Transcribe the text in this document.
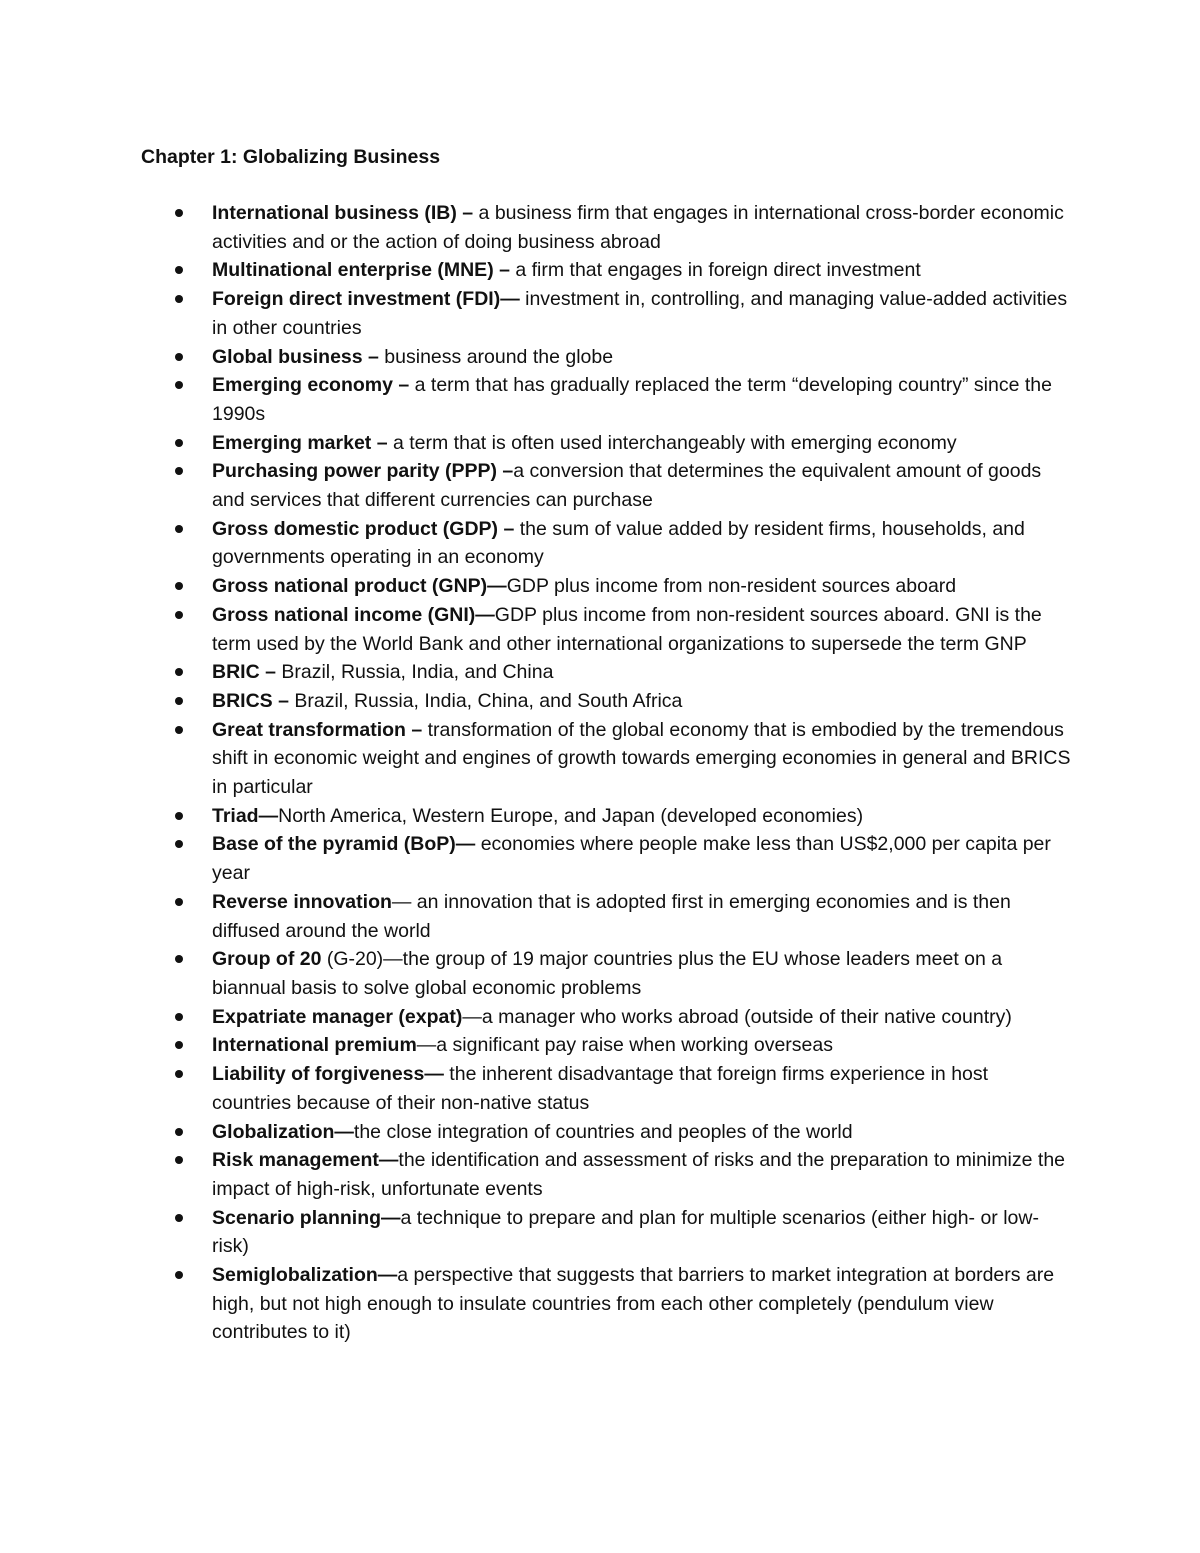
Chapter 1: Globalizing Business
International business (IB) – a business firm that engages in international cross-border economic activities and or the action of doing business abroad
Multinational enterprise (MNE) – a firm that engages in foreign direct investment
Foreign direct investment (FDI)— investment in, controlling, and managing value-added activities in other countries
Global business – business around the globe
Emerging economy – a term that has gradually replaced the term “developing country” since the 1990s
Emerging market – a term that is often used interchangeably with emerging economy
Purchasing power parity (PPP) –a conversion that determines the equivalent amount of goods and services that different currencies can purchase
Gross domestic product (GDP) – the sum of value added by resident firms, households, and governments operating in an economy
Gross national product (GNP)—GDP plus income from non-resident sources aboard
Gross national income (GNI)—GDP plus income from non-resident sources aboard. GNI is the term used by the World Bank and other international organizations to supersede the term GNP
BRIC – Brazil, Russia, India, and China
BRICS – Brazil, Russia, India, China, and South Africa
Great transformation – transformation of the global economy that is embodied by the tremendous shift in economic weight and engines of growth towards emerging economies in general and BRICS in particular
Triad—North America, Western Europe, and Japan (developed economies)
Base of the pyramid (BoP)— economies where people make less than US$2,000 per capita per year
Reverse innovation— an innovation that is adopted first in emerging economies and is then diffused around the world
Group of 20 (G-20)—the group of 19 major countries plus the EU whose leaders meet on a biannual basis to solve global economic problems
Expatriate manager (expat)—a manager who works abroad (outside of their native country)
International premium—a significant pay raise when working overseas
Liability of forgiveness— the inherent disadvantage that foreign firms experience in host countries because of their non-native status
Globalization—the close integration of countries and peoples of the world
Risk management—the identification and assessment of risks and the preparation to minimize the impact of high-risk, unfortunate events
Scenario planning—a technique to prepare and plan for multiple scenarios (either high- or low-risk)
Semiglobalization—a perspective that suggests that barriers to market integration at borders are high, but not high enough to insulate countries from each other completely (pendulum view contributes to it)
